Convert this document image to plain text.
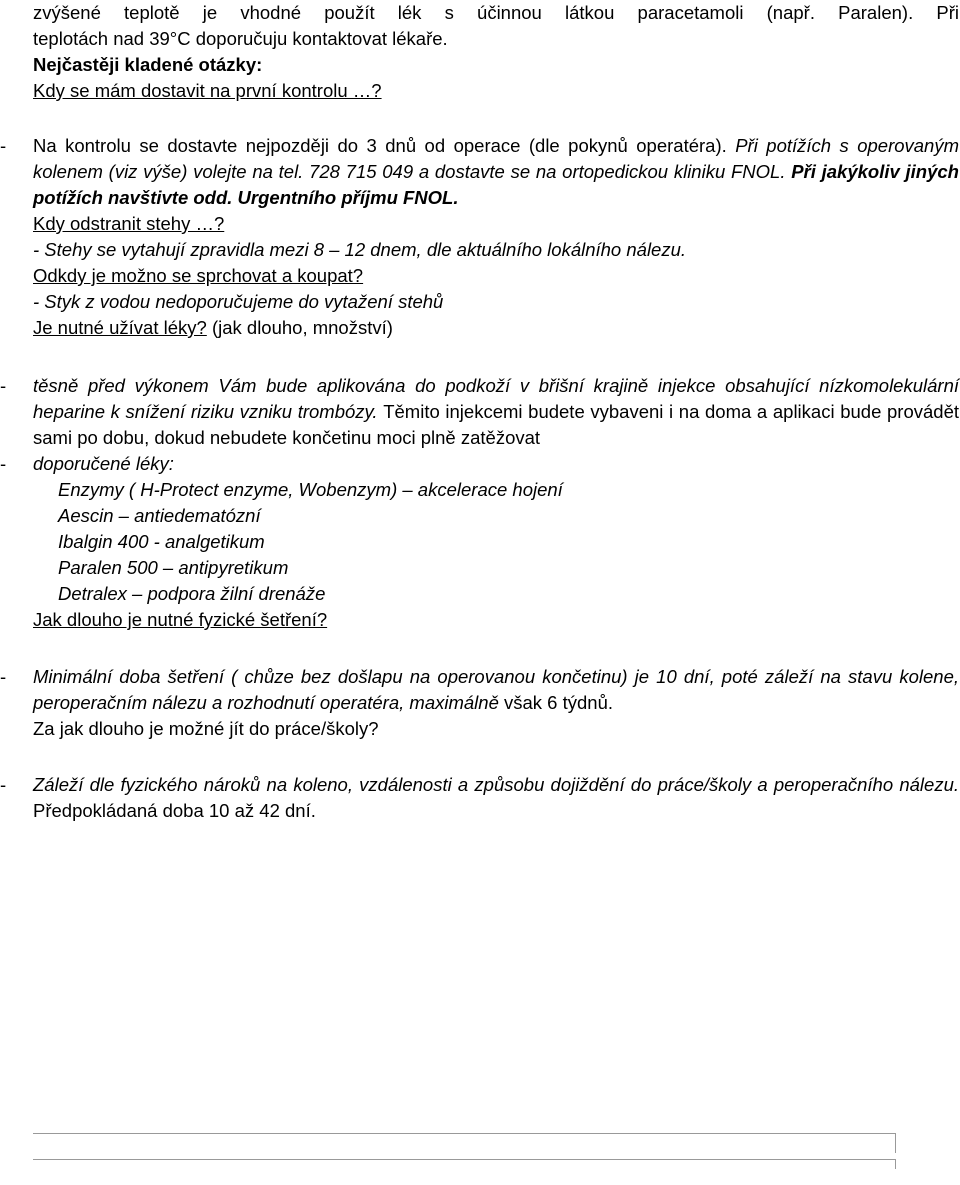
zvýšené teplotě je vhodné použít lék s účinnou látkou paracetamoli (např. Paralen). Při

teplotách nad 39°C doporučuju kontaktovat lékaře.

Nejčastěji kladené otázky:

Kdy se mám dostavit na první kontrolu …?

-	Na kontrolu se dostavte nejpozději do 3 dnů od operace (dle pokynů operatéra). Při potížích s operovaným kolenem (viz výše) volejte na tel. 728 715 049 a dostavte se na ortopedickou kliniku FNOL. Při jakýkoliv jiných potížích navštivte odd. Urgentního příjmu FNOL.

Kdy odstranit stehy …?

- Stehy se vytahují zpravidla mezi 8 – 12 dnem, dle aktuálního lokálního nálezu.

Odkdy je možno se sprchovat a koupat?

- Styk z vodou nedoporučujeme do vytažení stehů

Je nutné užívat léky? (jak dlouho, množství)

-	těsně před výkonem Vám bude aplikována do podkoží v břišní krajině injekce obsahující nízkomolekulární heparine k snížení riziku vzniku trombózy. Těmito injekcemi budete vybaveni i na doma a aplikaci bude provádět sami po dobu, dokud nebudete končetinu moci plně zatěžovat
-	doporučené léky:

Enzymy ( H-Protect enzyme, Wobenzym) – akcelerace hojení

Aescin – antiedematózní

Ibalgin 400 - analgetikum

Paralen 500 – antipyretikum

Detralex – podpora žilní drenáže

Jak dlouho je nutné fyzické šetření?

-	Minimální doba šetření ( chůze bez došlapu na operovanou končetinu) je 10 dní, poté záleží na stavu kolene, peroperačním nálezu a rozhodnutí operatéra, maximálně však 6 týdnů.

Za jak dlouho je možné jít do práce/školy?

-	Záleží dle fyzického nároků na koleno, vzdálenosti a způsobu dojiždění do práce/školy a peroperačního nálezu. Předpokládaná doba 10 až 42 dní.
